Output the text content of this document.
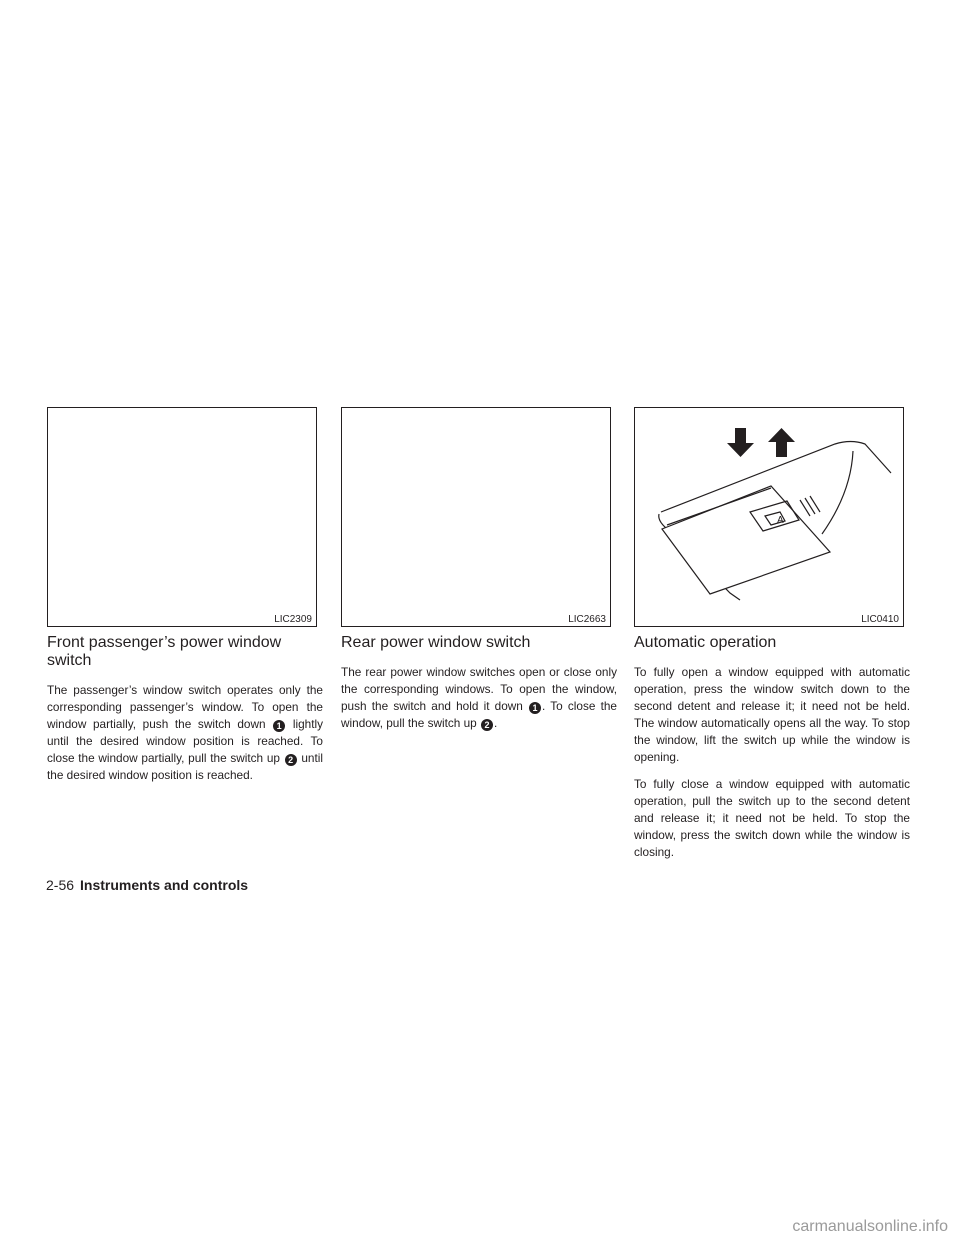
LIC2309	LIC2663
A
LIC0410
Front passenger’s power window switch

The passenger’s window switch operates only the corresponding passenger’s window. To open the window partially, push the switch down 1 lightly until the desired window position is reached. To close the window partially, pull the switch up 2 until the desired window position is reached.

Rear power window switch

The rear power window switches open or close only the corresponding windows. To open the window, push the switch and hold it down 1 . To close the window, pull the switch up 2 .

Automatic operation

To fully open a window equipped with automatic operation, press the window switch down to the second detent and release it; it need not be held. The window automatically opens all the way. To stop the window, lift the switch up while the window is opening.

To fully close a window equipped with automatic operation, pull the switch up to the second detent and release it; it need not be held. To stop the window, press the switch down while the window is closing.

2-56 Instruments and controls
carmanualsonline.info
